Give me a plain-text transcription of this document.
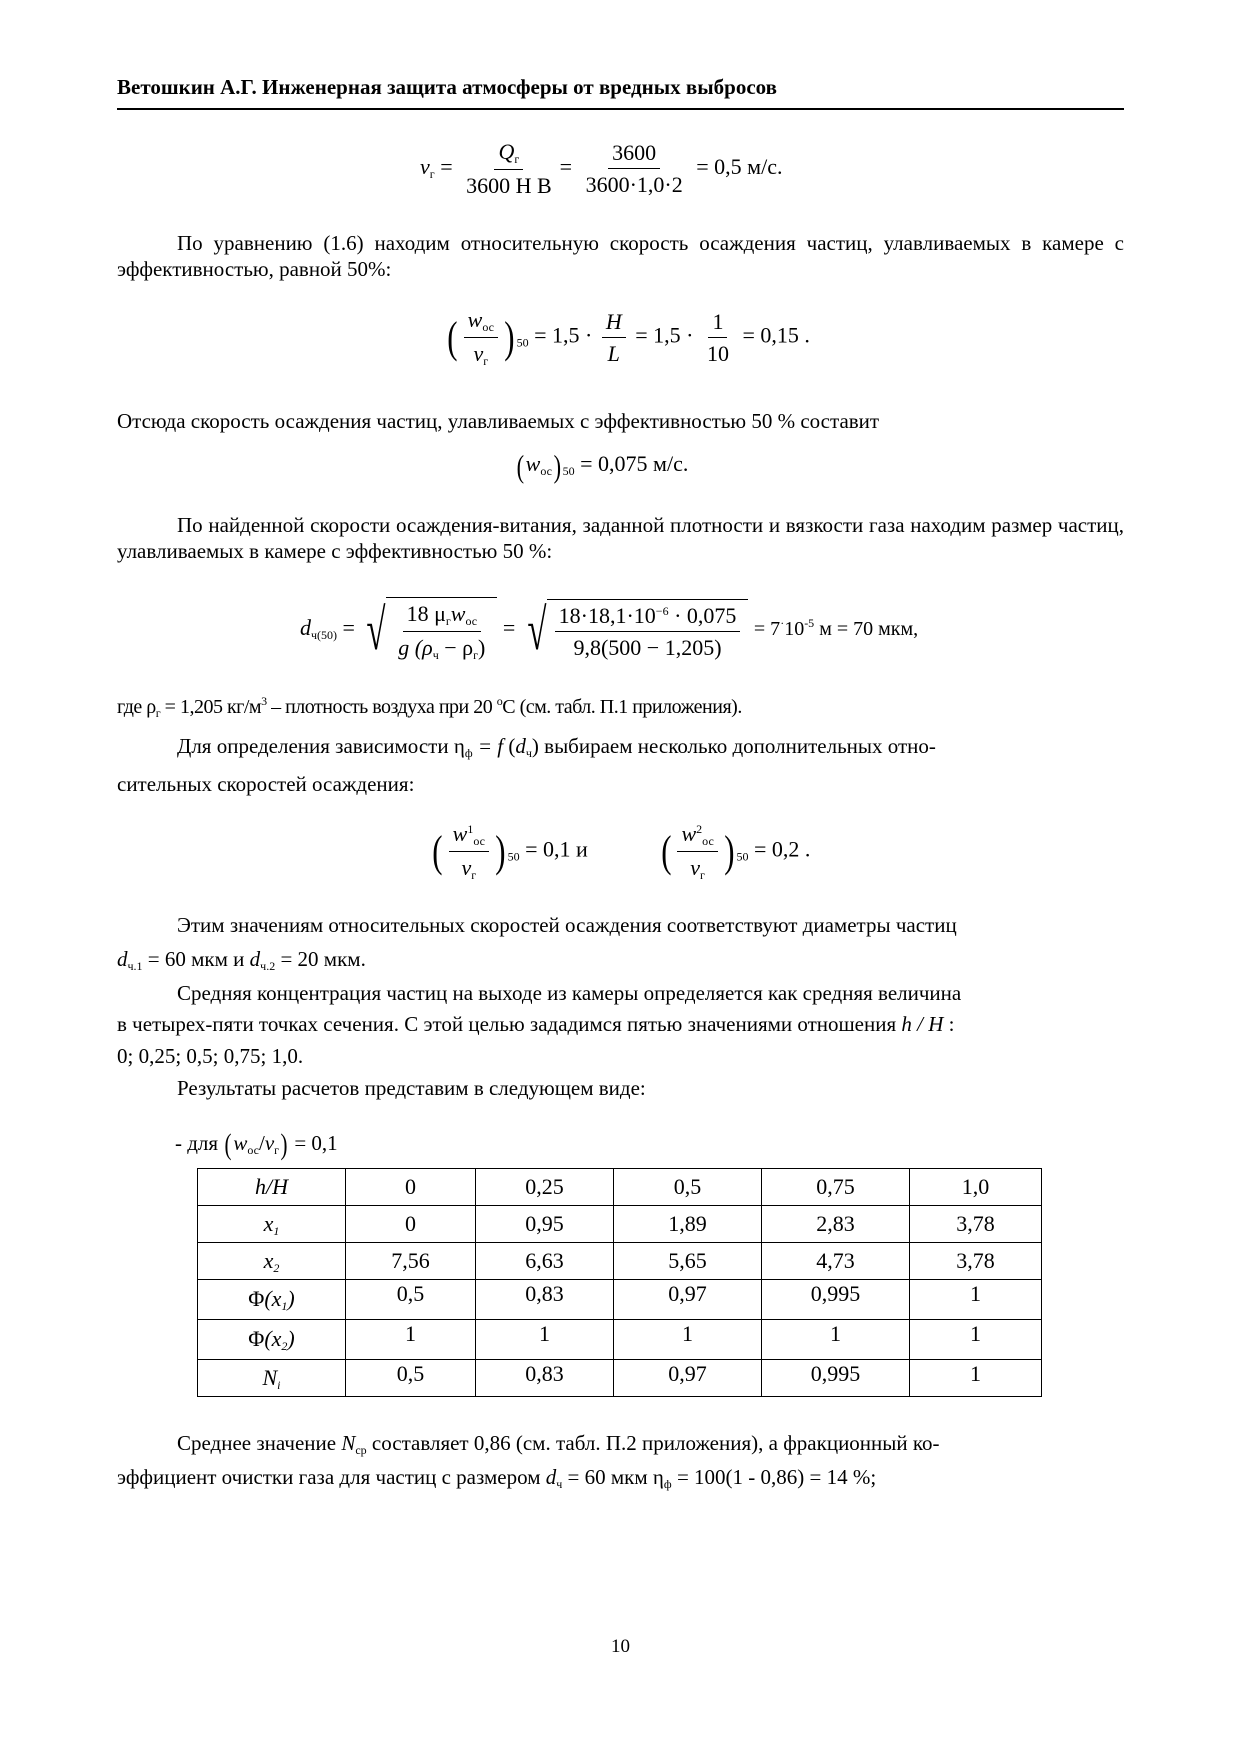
Ветошкин А.Г. Инженерная защита атмосферы от вредных выбросов
$v_г = \frac{Q_г}{\text{3600 H B}} = \frac{3600}{3600\cdot 1,0\cdot 2} = 0,5$ м/с.
По уравнению (1.6) находим относительную скорость осаждения частиц, улавливаемых в камере с эффективностью, равной 50%:
( $\frac{w_{ос}}{v_г}$ ) $_{50} = 1,5 \cdot \frac{H}{L} = 1,5 \cdot \frac{1}{10} = 0,15$ .
Отсюда скорость осаждения частиц, улавливаемых с эффективностью 50 % составит
$(w_{ос}) _{50} = 0,075$ м/с.
По найденной скорости осаждения-витания, заданной плотности и вязкости газа находим размер частиц, улавливаемых в камере с эффективностью 50 %:
$d_{ч(50)}$ = √ $\frac{18 \mu_гw_{ос}}{g (\rho_ч - \rho_г)}$ = √ $\frac{18\cdot 18,1\cdot 10^{-6} \cdot 0,075}{9,8(500 - 1,205)} = 7^\cdot 10^{-5}$ м = 70 мкм,
где $\rho_г = 1,205$ $кг/м^3$ – плотность воздуха при 20 $^о$С (см. табл. П.1 приложения).
Для определения зависимости $\eta_ф = f$ $(d_ч)$ выбираем несколько дополнительных отно-
сительных скоростей осаждения:
( $\frac{w^1_{ос}}{v_г}$ ) $_{50}$ = 0,1 и ( $\frac{w^2_{ос}}{v_г}$ ) $_{50}$ = 0,2 .
Этим значениям относительных скоростей осаждения соответствуют диаметры частиц
$d_{ч.1} = 60$ мкм и $d_{ч.2} = 20$ мкм.
Средняя концентрация частиц на выходе из камеры определяется как средняя величина
в четырех-пяти точках сечения. С этой целью зададимся пятью значениями отношения h / H :
0; 0,25; 0,5; 0,75; 1,0.
Результаты расчетов представим в следующем виде:
- для $(w_{ос}/v_г) = 0,1$
h/H	0	0,25	0,5	0,75	1,0
$x_1$	0	0,95	1,89	2,83	3,78
$x_2$	7,56	6,63	5,65	4,73	3,78
$\Phi(x_1)$	0,5	0,83	0,97	0,995	1
$\Phi(x_2)$	1	1	1	1	1
$N_i$	0,5	0,83	0,97	0,995	1
Среднее значение $N_{ср}$ составляет 0,86 (см. табл. П.2 приложения), а фракционный ко-
эффициент очистки газа для частиц с размером $d_ч = 60$ мкм $\eta_ф = 100(1 - 0,86) = 14$ %;
10
